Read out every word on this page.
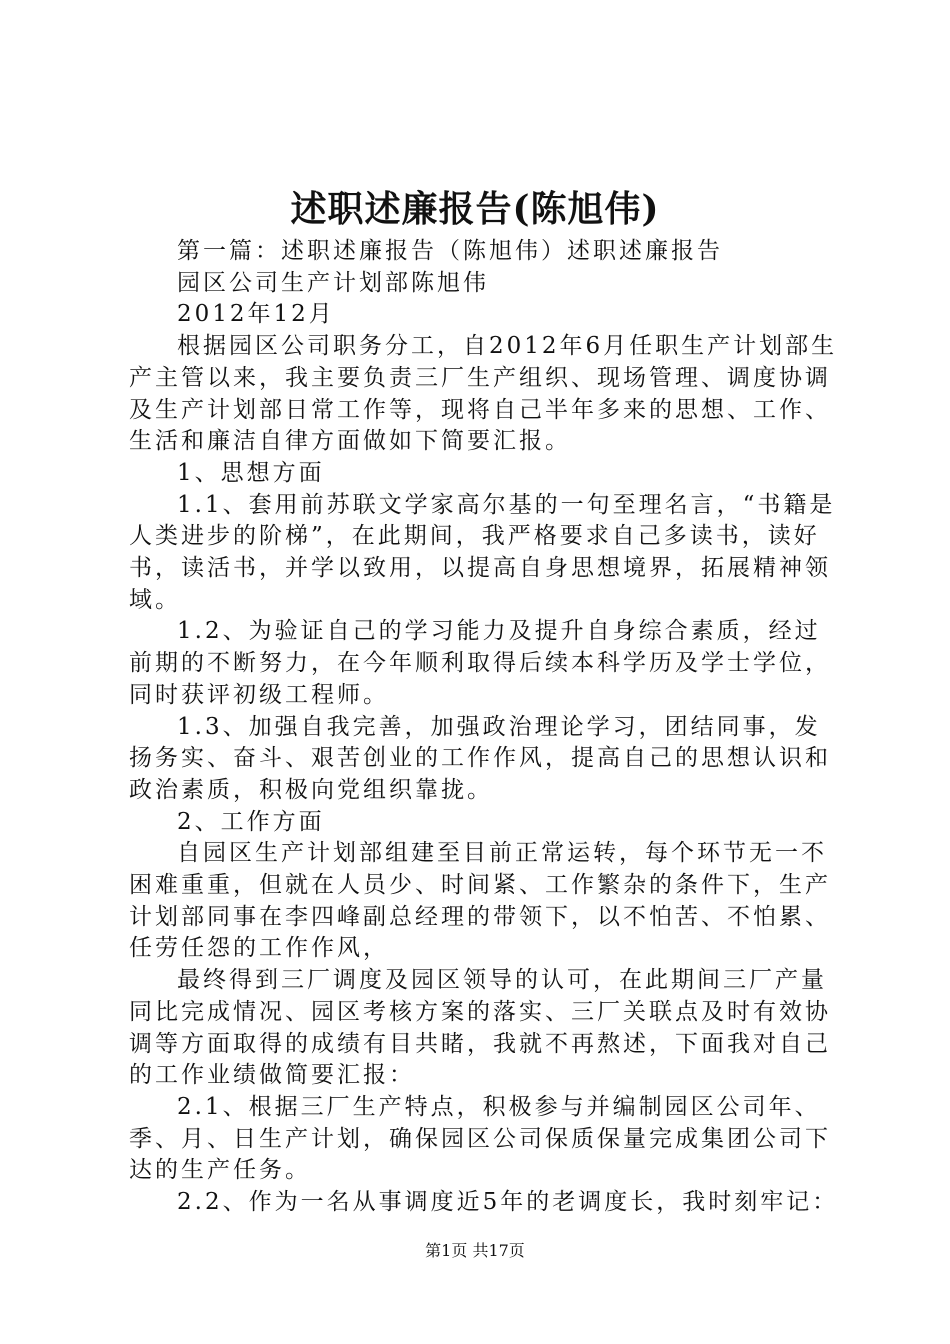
述职述廉报告(陈旭伟)

第一篇：述职述廉报告（陈旭伟）述职述廉报告

园区公司生产计划部陈旭伟

2012年12月

根据园区公司职务分工，自2012年6月任职生产计划部生产主管以来，我主要负责三厂生产组织、现场管理、调度协调及生产计划部日常工作等，现将自己半年多来的思想、工作、生活和廉洁自律方面做如下简要汇报。

1、思想方面

1.1、套用前苏联文学家高尔基的一句至理名言，“书籍是人类进步的阶梯”，在此期间，我严格要求自己多读书，读好书，读活书，并学以致用，以提高自身思想境界，拓展精神领域。

1.2、为验证自己的学习能力及提升自身综合素质，经过前期的不断努力，在今年顺利取得后续本科学历及学士学位，同时获评初级工程师。

1.3、加强自我完善，加强政治理论学习，团结同事，发扬务实、奋斗、艰苦创业的工作作风，提高自己的思想认识和政治素质，积极向党组织靠拢。

2、工作方面

自园区生产计划部组建至目前正常运转，每个环节无一不困难重重，但就在人员少、时间紧、工作繁杂的条件下，生产计划部同事在李四峰副总经理的带领下，以不怕苦、不怕累、任劳任怨的工作作风，

最终得到三厂调度及园区领导的认可，在此期间三厂产量同比完成情况、园区考核方案的落实、三厂关联点及时有效协调等方面取得的成绩有目共睹，我就不再熬述，下面我对自己的工作业绩做简要汇报：

2.1、根据三厂生产特点，积极参与并编制园区公司年、季、月、日生产计划，确保园区公司保质保量完成集团公司下达的生产任务。

2.2、作为一名从事调度近5年的老调度长，我时刻牢记：

第1页 共17页
